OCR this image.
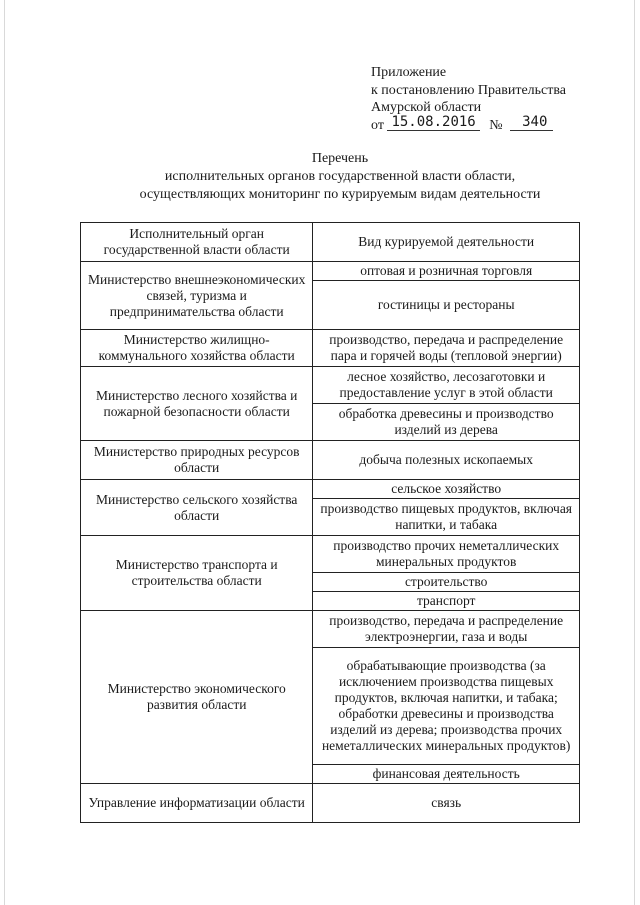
Приложение
к постановлению Правительства
Амурской области
от 15.08.2016 № 340
Перечень
исполнительных органов государственной власти области,
осуществляющих мониторинг по курируемым видам деятельности
Исполнительный орган государственной власти области	Вид курируемой деятельности
Министерство внешнеэкономических связей, туризма и предпринимательства области	оптовая и розничная торговля
	гостиницы и рестораны
Министерство жилищно-коммунального хозяйства области	производство, передача и распределение пара и горячей воды (тепловой энергии)
Министерство лесного хозяйства и пожарной безопасности области	лесное хозяйство, лесозаготовки и предоставление услуг в этой области
	обработка древесины и производство изделий из дерева
Министерство природных ресурсов области	добыча полезных ископаемых
Министерство сельского хозяйства области	сельское хозяйство
	производство пищевых продуктов, включая напитки, и табака
Министерство транспорта и строительства области	производство прочих неметаллических минеральных продуктов
	строительство
	транспорт
Министерство экономического развития области	производство, передача и распределение электроэнергии, газа и воды
	обрабатывающие производства (за исключением производства пищевых продуктов, включая напитки, и табака; обработки древесины и производства изделий из дерева; производства прочих неметаллических минеральных продуктов)
	финансовая деятельность
Управление информатизации области	связь
